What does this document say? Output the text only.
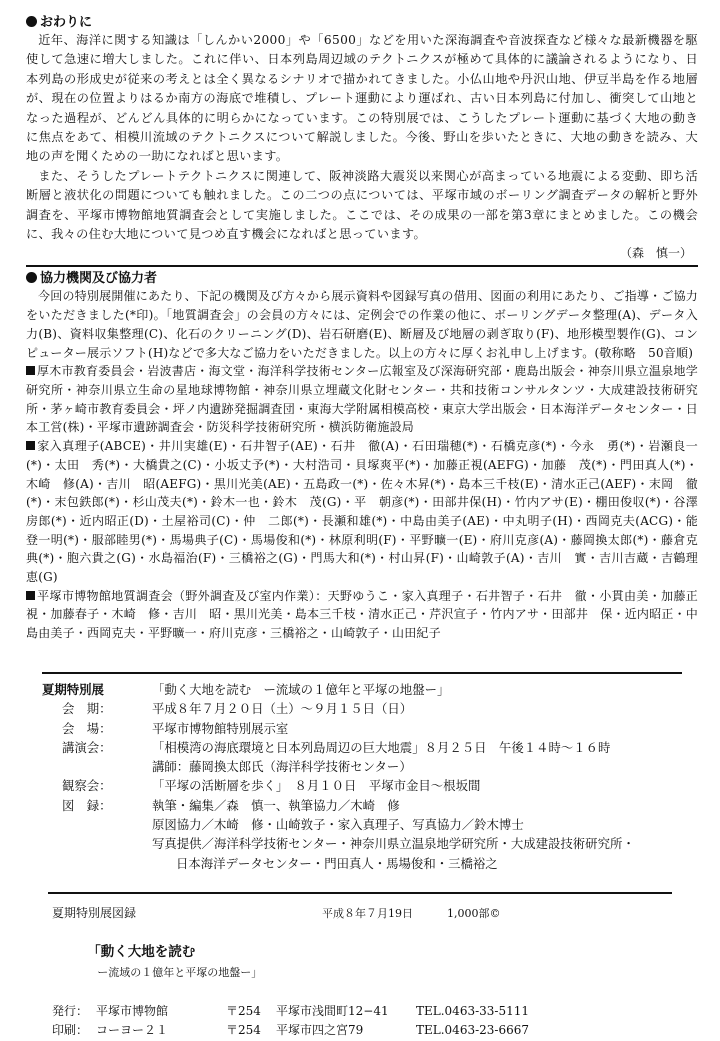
おわりに

近年、海洋に関する知識は「しんかい2000」や「6500」などを用いた深海調査や音波探査など様々な最新機器を駆使して急速に増大しました。これに伴い、日本列島周辺域のテクトニクスが極めて具体的に議論されるようになり、日本列島の形成史が従来の考えとは全く異なるシナリオで描かれてきました。小仏山地や丹沢山地、伊豆半島を作る地層が、現在の位置よりはるか南方の海底で堆積し、プレート運動により運ばれ、古い日本列島に付加し、衝突して山地となった過程が、どんどん具体的に明らかになっています。この特別展では、こうしたプレート運動に基づく大地の動きに焦点をあて、相模川流域のテクトニクスについて解説しました。今後、野山を歩いたときに、大地の動きを読み、大地の声を聞くための一助になればと思います。

また、そうしたプレートテクトニクスに関連して、阪神淡路大震災以来関心が高まっている地震による変動、即ち活断層と液状化の問題についても触れました。この二つの点については、平塚市域のボーリング調査データの解析と野外調査を、平塚市博物館地質調査会として実施しました。ここでは、その成果の一部を第3章にまとめました。この機会に、我々の住む大地について見つめ直す機会になればと思っています。

（森　慎一）

協力機関及び協力者

今回の特別展開催にあたり、下記の機関及び方々から展示資料や図録写真の借用、図面の利用にあたり、ご指導・ご協力をいただきました(*印)。「地質調査会」の会員の方々には、定例会での作業の他に、ボーリングデータ整理(A)、データ入力(B)、資料収集整理(C)、化石のクリーニング(D)、岩石研磨(E)、断層及び地層の剥ぎ取り(F)、地形模型製作(G)、コンピューター展示ソフト(H)などで多大なご協力をいただきました。以上の方々に厚くお礼申し上げます。(敬称略　50音順)

厚木市教育委員会・岩波書店・海文堂・海洋科学技術センター広報室及び深海研究部・鹿島出版会・神奈川県立温泉地学研究所・神奈川県立生命の星地球博物館・神奈川県立埋蔵文化財センター・共和技術コンサルタンツ・大成建設技術研究所・茅ヶ崎市教育委員会・坪ノ内遺跡発掘調査団・東海大学附属相模高校・東京大学出版会・日本海洋データセンター・日本工営(株)・平塚市遺跡調査会・防災科学技術研究所・横浜防衛施設局

家入真理子(ABCE)・井川実雄(E)・石井智子(AE)・石井　徹(A)・石田瑞穂(*)・石橋克彦(*)・今永　勇(*)・岩瀬良一(*)・太田　秀(*)・大橋貴之(C)・小坂丈予(*)・大村浩司・貝塚爽平(*)・加藤正視(AEFG)・加藤　茂(*)・門田真人(*)・木崎　修(A)・吉川　昭(AEFG)・黒川光美(AE)・五島政一(*)・佐々木昇(*)・島本三千枝(E)・清水正己(AEF)・末岡　徹(*)・末包鉄郎(*)・杉山茂夫(*)・鈴木一也・鈴木　茂(G)・平　朝彦(*)・田部井保(H)・竹内アサ(E)・棚田俊収(*)・谷澤房郎(*)・近内昭正(D)・土屋裕司(C)・仲　二郎(*)・長瀬和雄(*)・中島由美子(AE)・中丸明子(H)・西岡克夫(ACG)・能登一明(*)・服部睦男(*)・馬場典子(C)・馬場俊和(*)・林原利明(F)・平野曠一(E)・府川克彦(A)・藤岡換太郎(*)・藤倉克典(*)・胞六貴之(G)・水島福治(F)・三橋裕之(G)・門馬大和(*)・村山昇(F)・山崎敦子(A)・吉川　實・吉川吉蔵・吉鶴理恵(G)

平塚市博物館地質調査会（野外調査及び室内作業）：天野ゆうこ・家入真理子・石井智子・石井　徹・小貫由美・加藤正視・加藤春子・木崎　修・吉川　昭・黒川光美・島本三千枝・清水正己・芹沢宣子・竹内アサ・田部井　保・近内昭正・中島由美子・西岡克夫・平野曠一・府川克彦・三橋裕之・山崎敦子・山田紀子

夏期特別展	「動く大地を読む　ー流域の１億年と平塚の地盤ー」
会　期：	平成８年７月２０日（土）〜９月１５日（日）
会　場：	平塚市博物館特別展示室
講演会：	「相模湾の海底環境と日本列島周辺の巨大地震」８月２５日　午後１４時〜１６時
講師：藤岡換太郎氏（海洋科学技術センター）
観察会：	「平塚の活断層を歩く」　８月１０日　平塚市金目〜根坂間
図　録：	執筆・編集／森　慎一、執筆協力／木崎　修
原図協力／木崎　修・山崎敦子・家入真理子、写真協力／鈴木博士
写真提供／海洋科学技術センター・神奈川県立温泉地学研究所・大成建設技術研究所・
日本海洋データセンター・門田真人・馬場俊和・三橋裕之
夏期特別展図録	平成８年７月19日	1,000部©

「動く大地を読む
ー流域の１億年と平塚の地盤ー」

発行： 平塚市博物館	〒254	平塚市浅間町12−41	TEL.0463-33-5111
印刷： コーヨー２１	〒254	平塚市四之宮79	TEL.0463-23-6667
